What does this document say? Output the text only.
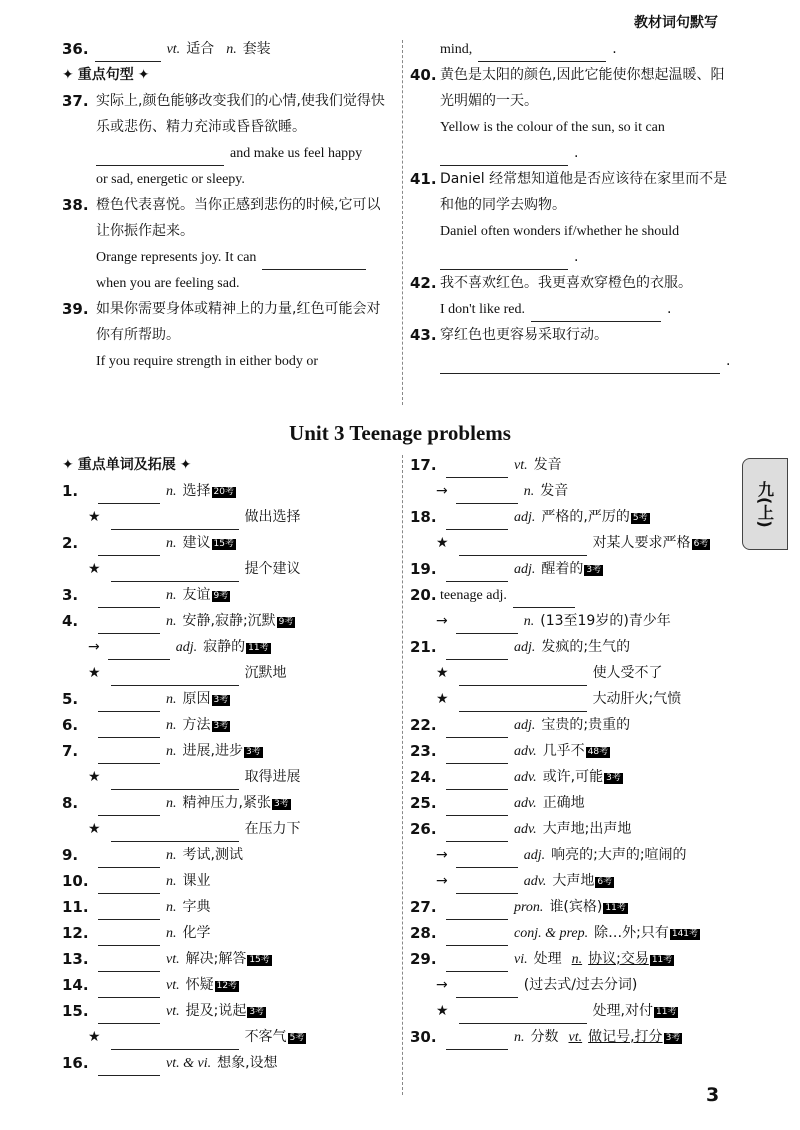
教材词句默写
36.	vt. 适合 n. 套装
✦ 重点句型 ✦
37. 实际上,颜色能够改变我们的心情,使我们觉得快乐或悲伤、精力充沛或昏昏欲睡。
and make us feel happy
or sad, energetic or sleepy.
38. 橙色代表喜悦。当你正感到悲伤的时候,它可以让你振作起来。
Orange represents joy. It can
when you are feeling sad.
39. 如果你需要身体或精神上的力量,红色可能会对你有所帮助。
If you require strength in either body or
mind,	.
40. 黄色是太阳的颜色,因此它能使你想起温暖、阳光明媚的一天。
Yellow is the colour of the sun, so it can
.
41. Daniel 经常想知道他是否应该待在家里而不是和他的同学去购物。
Daniel often wonders if/whether he should
.
42. 我不喜欢红色。我更喜欢穿橙色的衣服。
I don't like red.	.
43. 穿红色也更容易采取行动。
.
Unit 3 Teenage problems
九(上)
✦ 重点单词及拓展 ✦
1.	n. 选择 20考
★	做出选择
2.	n. 建议 15考
★	提个建议
3.	n. 友谊 9考
4.	n. 安静,寂静;沉默 9考
→	adj. 寂静的 11考
★	沉默地
5.	n. 原因 3考
6.	n. 方法 3考
7.	n. 进展,进步 3考
★	取得进展
8.	n. 精神压力,紧张 3考
★	在压力下
9.	n. 考试,测试
10.	n. 课业
11.	n. 字典
12.	n. 化学
13.	vt. 解决;解答 15考
14.	vt. 怀疑 12考
15.	vt. 提及;说起 3考
★	不客气 5考
16.	vt. & vi. 想象,设想
17.	vt. 发音
→	n. 发音
18.	adj. 严格的,严厉的 5考
★	对某人要求严格 6考
19.	adj. 醒着的 3考
20. teenage adj.
→	n. (13至19岁的)青少年
21.	adj. 发疯的;生气的
★	使人受不了
★	大动肝火;气愤
22.	adj. 宝贵的;贵重的
23.	adv. 几乎不 48考
24.	adv. 或许,可能 3考
25.	adv. 正确地
26.	adv. 大声地;出声地
→	adj. 响亮的;大声的;喧闹的
→	adv. 大声地 6考
27.	pron. 谁(宾格) 11考
28.	conj. & prep. 除…外;只有 141考
29.	vi. 处理 n. 协议;交易 11考
→	(过去式/过去分词)
★	处理,对付 11考
30.	n. 分数 vt. 做记号,打分 3考
3
